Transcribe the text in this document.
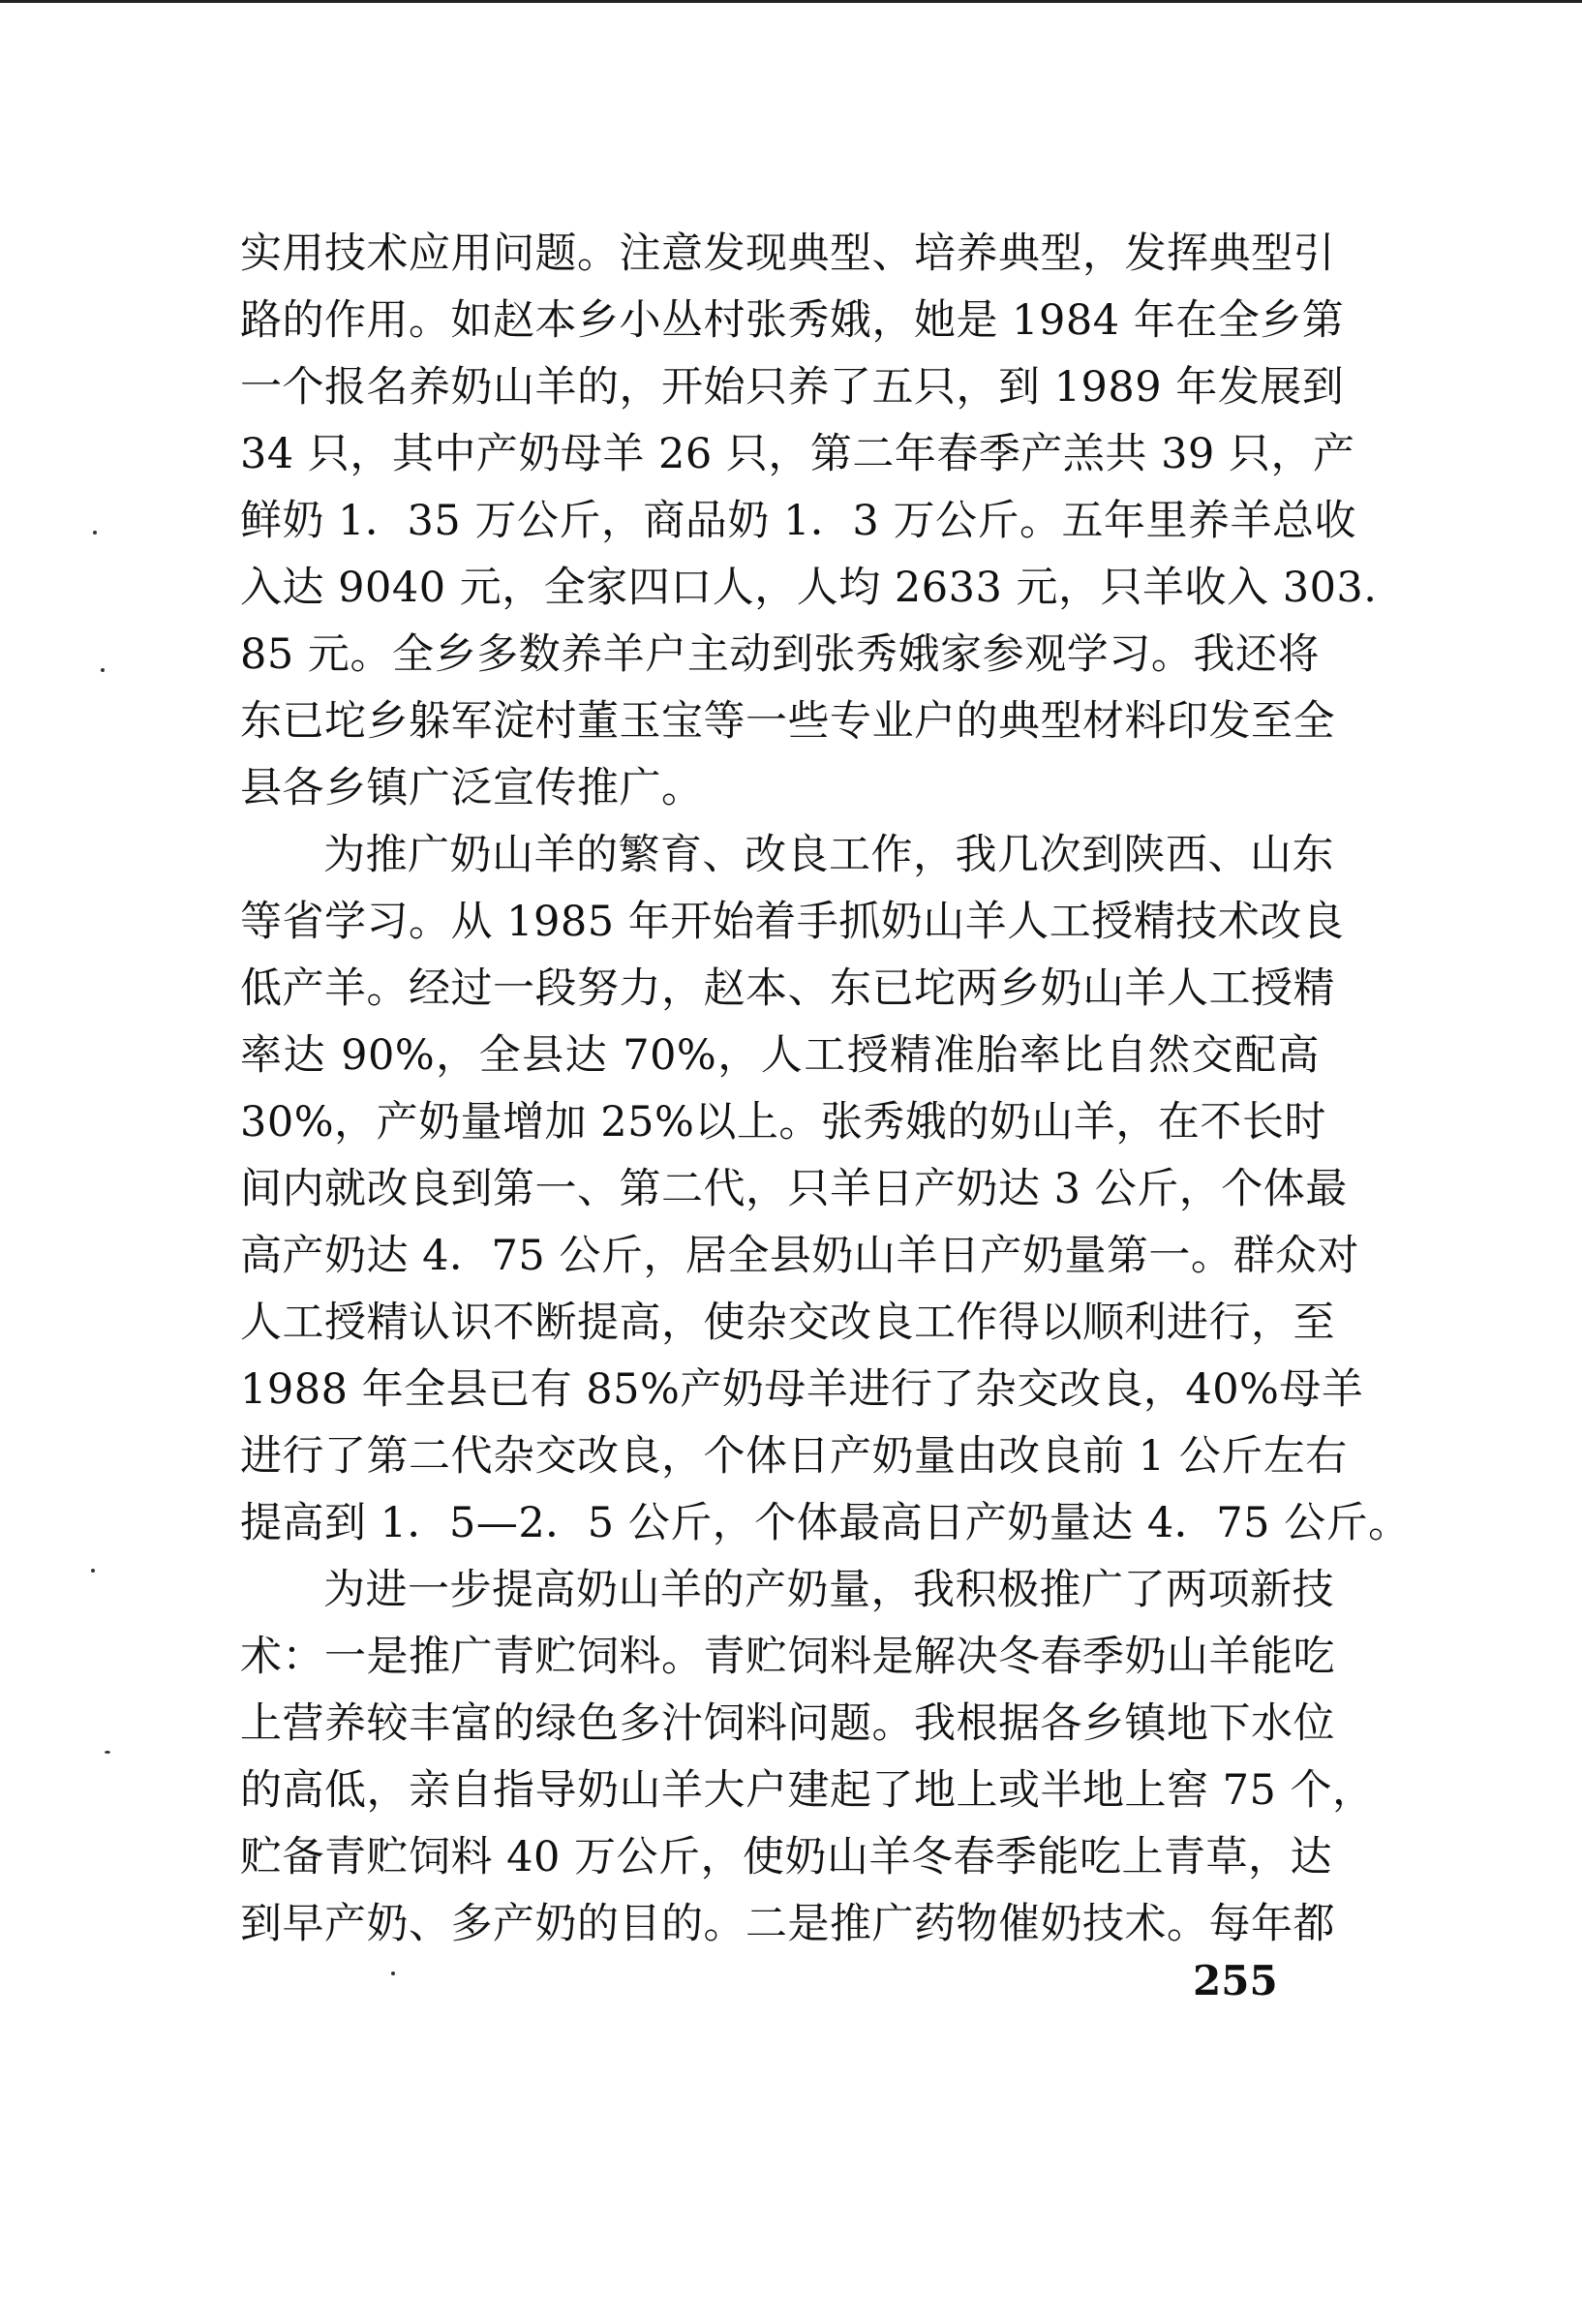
实用技术应用问题。注意发现典型、培养典型，发挥典型引
路的作用。如赵本乡小丛村张秀娥，她是 1984 年在全乡第
一个报名养奶山羊的，开始只养了五只，到 1989 年发展到
34 只，其中产奶母羊 26 只，第二年春季产羔共 39 只，产
鲜奶 1．35 万公斤，商品奶 1．3 万公斤。五年里养羊总收
入达 9040 元，全家四口人，人均 2633 元，只羊收入 303.
85 元。全乡多数养羊户主动到张秀娥家参观学习。我还将
东已坨乡躲军淀村董玉宝等一些专业户的典型材料印发至全
县各乡镇广泛宣传推广。
为推广奶山羊的繁育、改良工作，我几次到陕西、山东
等省学习。从 1985 年开始着手抓奶山羊人工授精技术改良
低产羊。经过一段努力，赵本、东已坨两乡奶山羊人工授精
率达 90%，全县达 70%，人工授精准胎率比自然交配高
30%，产奶量增加 25%以上。张秀娥的奶山羊，在不长时
间内就改良到第一、第二代，只羊日产奶达 3 公斤，个体最
高产奶达 4．75 公斤，居全县奶山羊日产奶量第一。群众对
人工授精认识不断提高，使杂交改良工作得以顺利进行，至
1988 年全县已有 85%产奶母羊进行了杂交改良，40%母羊
进行了第二代杂交改良，个体日产奶量由改良前 1 公斤左右
提高到 1．5—2．5 公斤，个体最高日产奶量达 4．75 公斤。
为进一步提高奶山羊的产奶量，我积极推广了两项新技
术：一是推广青贮饲料。青贮饲料是解决冬春季奶山羊能吃
上营养较丰富的绿色多汁饲料问题。我根据各乡镇地下水位
的高低，亲自指导奶山羊大户建起了地上或半地上窖 75 个，
贮备青贮饲料 40 万公斤，使奶山羊冬春季能吃上青草，达
到早产奶、多产奶的目的。二是推广药物催奶技术。每年都
255
